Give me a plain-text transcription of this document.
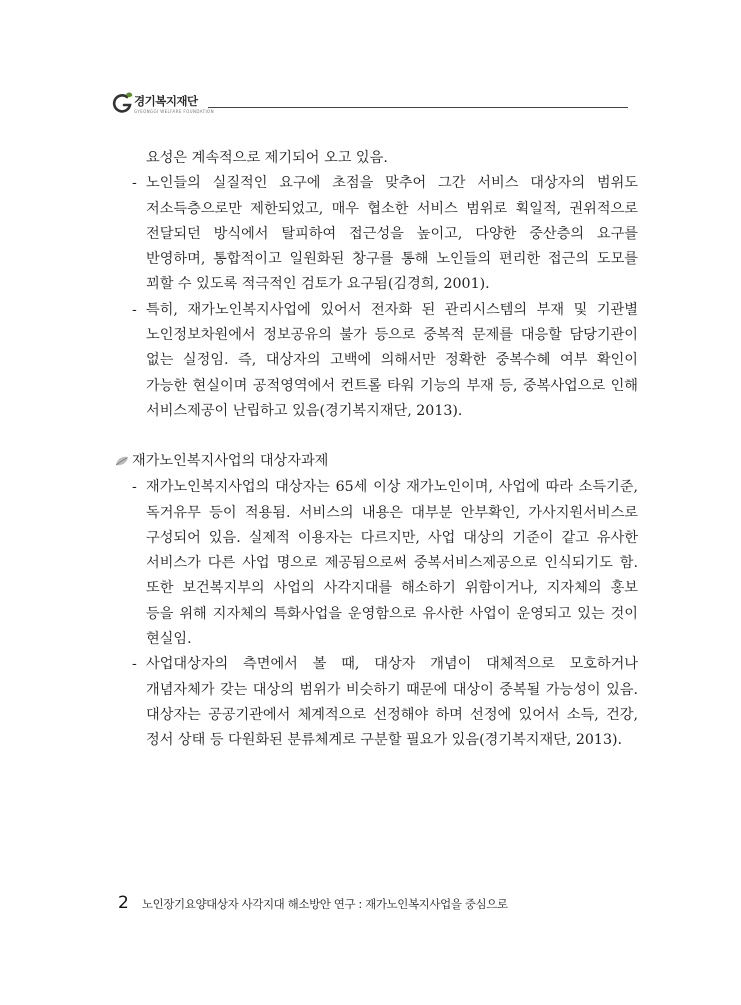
경기복지재단
GYEONGGI WELFARE FOUNDATION

요성은 계속적으로 제기되어 오고 있음.

- 노인들의 실질적인 요구에 초점을 맞추어 그간 서비스 대상자의 범위도 저소득층으로만 제한되었고, 매우 협소한 서비스 범위로 획일적, 권위적으로 전달되던 방식에서 탈피하여 접근성을 높이고, 다양한 중산층의 요구를 반영하며, 통합적이고 일원화된 창구를 통해 노인들의 편리한 접근의 도모를 꾀할 수 있도록 적극적인 검토가 요구됨(김경희, 2001).
- 특히, 재가노인복지사업에 있어서 전자화 된 관리시스템의 부재 및 기관별 노인정보차원에서 정보공유의 불가 등으로 중복적 문제를 대응할 담당기관이 없는 실정임. 즉, 대상자의 고백에 의해서만 정확한 중복수혜 여부 확인이 가능한 현실이며 공적영역에서 컨트롤 타워 기능의 부재 등, 중복사업으로 인해 서비스제공이 난립하고 있음(경기복지재단, 2013).
재가노인복지사업의 대상자과제
- 재가노인복지사업의 대상자는 65세 이상 재가노인이며, 사업에 따라 소득기준, 독거유무 등이 적용됨. 서비스의 내용은 대부분 안부확인, 가사지원서비스로 구성되어 있음. 실제적 이용자는 다르지만, 사업 대상의 기준이 같고 유사한 서비스가 다른 사업 명으로 제공됨으로써 중복서비스제공으로 인식되기도 함. 또한 보건복지부의 사업의 사각지대를 해소하기 위함이거나, 지자체의 홍보 등을 위해 지자체의 특화사업을 운영함으로 유사한 사업이 운영되고 있는 것이 현실임.
- 사업대상자의 측면에서 볼 때, 대상자 개념이 대체적으로 모호하거나 개념자체가 갖는 대상의 범위가 비슷하기 때문에 대상이 중복될 가능성이 있음. 대상자는 공공기관에서 체계적으로 선정해야 하며 선정에 있어서 소득, 건강, 정서 상태 등 다원화된 분류체계로 구분할 필요가 있음(경기복지재단, 2013).
2 노인장기요양대상자 사각지대 해소방안 연구 : 재가노인복지사업을 중심으로
